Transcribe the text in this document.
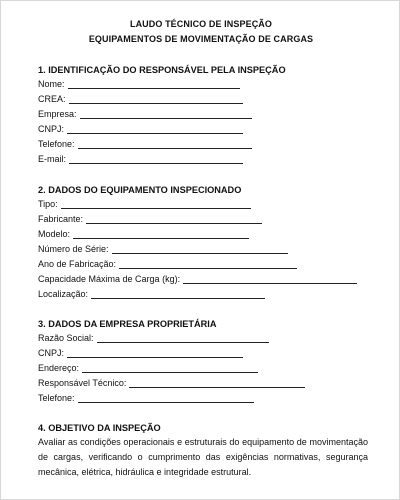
LAUDO TÉCNICO DE INSPEÇÃO
EQUIPAMENTOS DE MOVIMENTAÇÃO DE CARGAS
1. IDENTIFICAÇÃO DO RESPONSÁVEL PELA INSPEÇÃO
Nome:
CREA:
Empresa:
CNPJ:
Telefone:
E-mail:
2. DADOS DO EQUIPAMENTO INSPECIONADO
Tipo:
Fabricante:
Modelo:
Número de Série:
Ano de Fabricação:
Capacidade Máxima de Carga (kg):
Localização:
3. DADOS DA EMPRESA PROPRIETÁRIA
Razão Social:
CNPJ:
Endereço:
Responsável Técnico:
Telefone:
4. OBJETIVO DA INSPEÇÃO
Avaliar as condições operacionais e estruturais do equipamento de movimentação de cargas, verificando o cumprimento das exigências normativas, segurança mecânica, elétrica, hidráulica e integridade estrutural.
